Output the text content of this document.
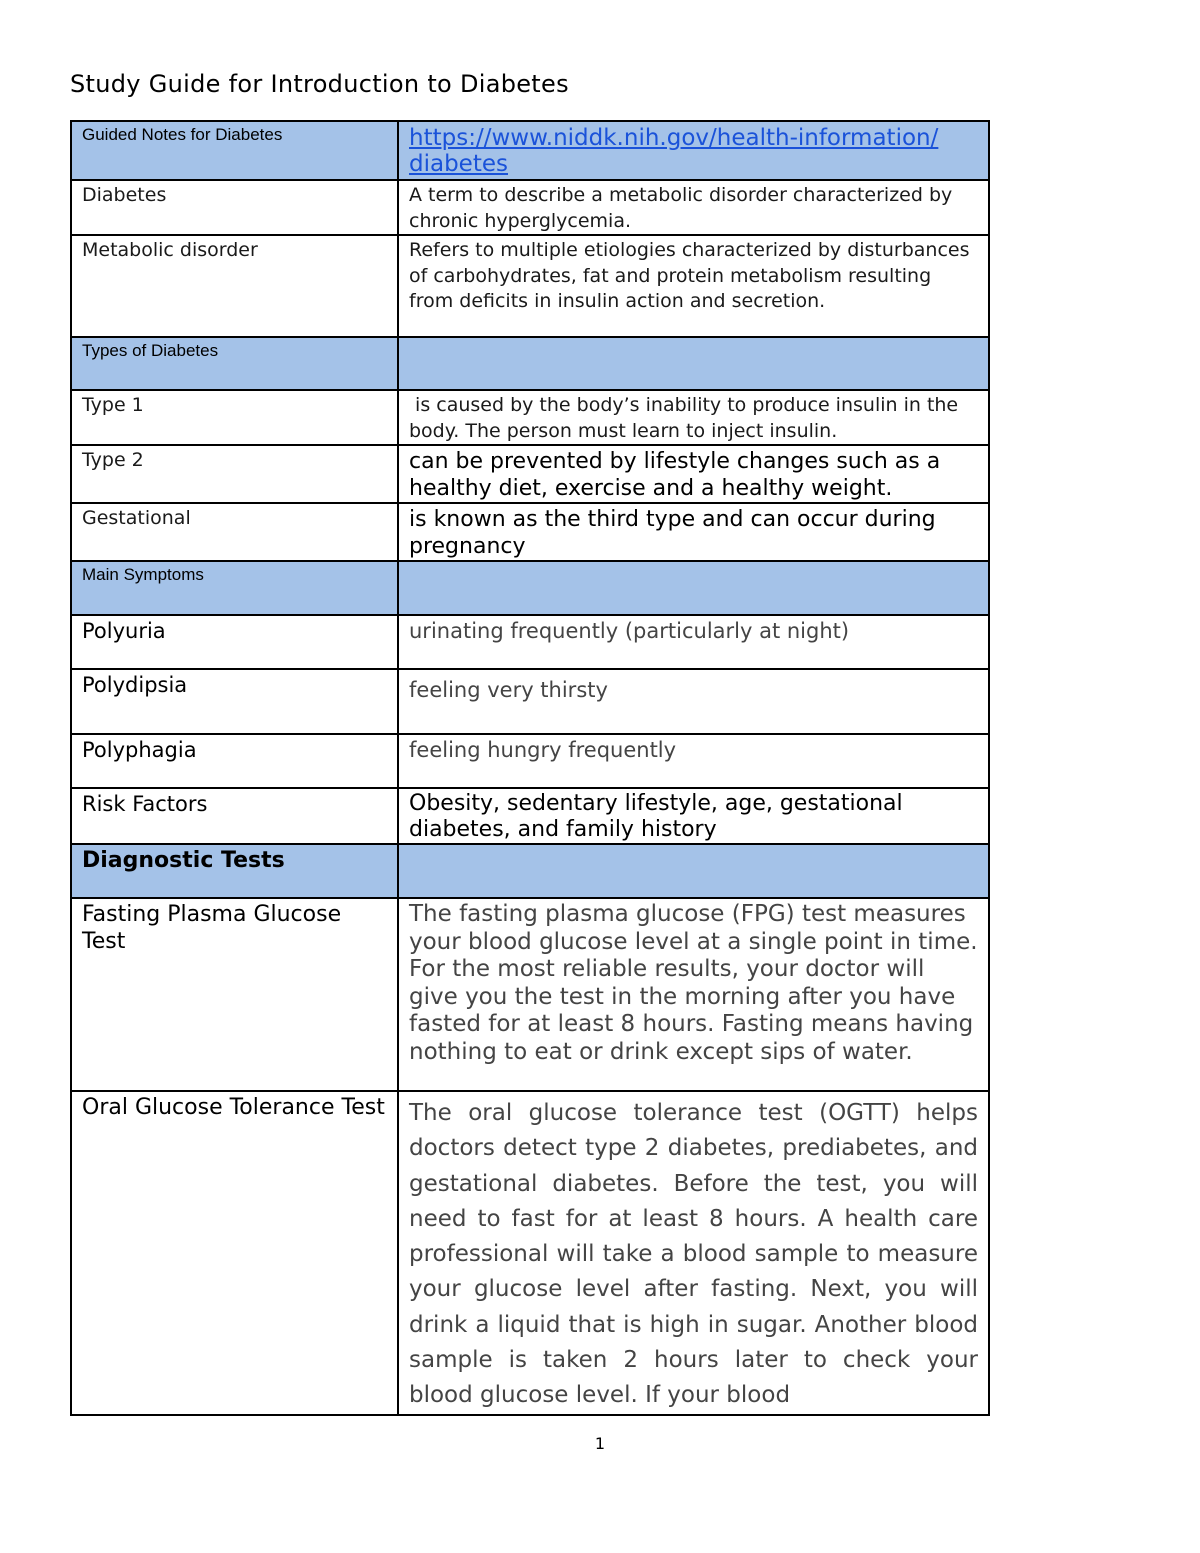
Study Guide for Introduction to Diabetes
Guided Notes for Diabetes	https://www.niddk.nih.gov/health-information/
diabetes

Diabetes	A term to describe a metabolic disorder characterized by chronic hyperglycemia.
Metabolic disorder	Refers to multiple etiologies characterized by disturbances of carbohydrates, fat and protein metabolism resulting from deficits in insulin action and secretion.
Types of Diabetes	
Type 1	is caused by the body’s inability to produce insulin in the body. The person must learn to inject insulin.
Type 2	can be prevented by lifestyle changes such as a healthy diet, exercise and a healthy weight.
Gestational	is known as the third type and can occur during pregnancy
Main Symptoms	
Polyuria	urinating frequently (particularly at night)
Polydipsia	feeling very thirsty
Polyphagia	feeling hungry frequently
Risk Factors	Obesity, sedentary lifestyle, age, gestational diabetes, and family history
Diagnostic Tests	
Fasting Plasma Glucose Test	The fasting plasma glucose (FPG) test measures your blood glucose level at a single point in time. For the most reliable results, your doctor will give you the test in the morning after you have fasted for at least 8 hours. Fasting means having nothing to eat or drink except sips of water.
Oral Glucose Tolerance Test	The oral glucose tolerance test (OGTT) helps doctors detect type 2 diabetes, prediabetes, and gestational diabetes. Before the test, you will need to fast for at least 8 hours. A health care professional will take a blood sample to measure your glucose level after fasting. Next, you will drink a liquid that is high in sugar. Another blood sample is taken 2 hours later to check your blood glucose level. If your blood
1
